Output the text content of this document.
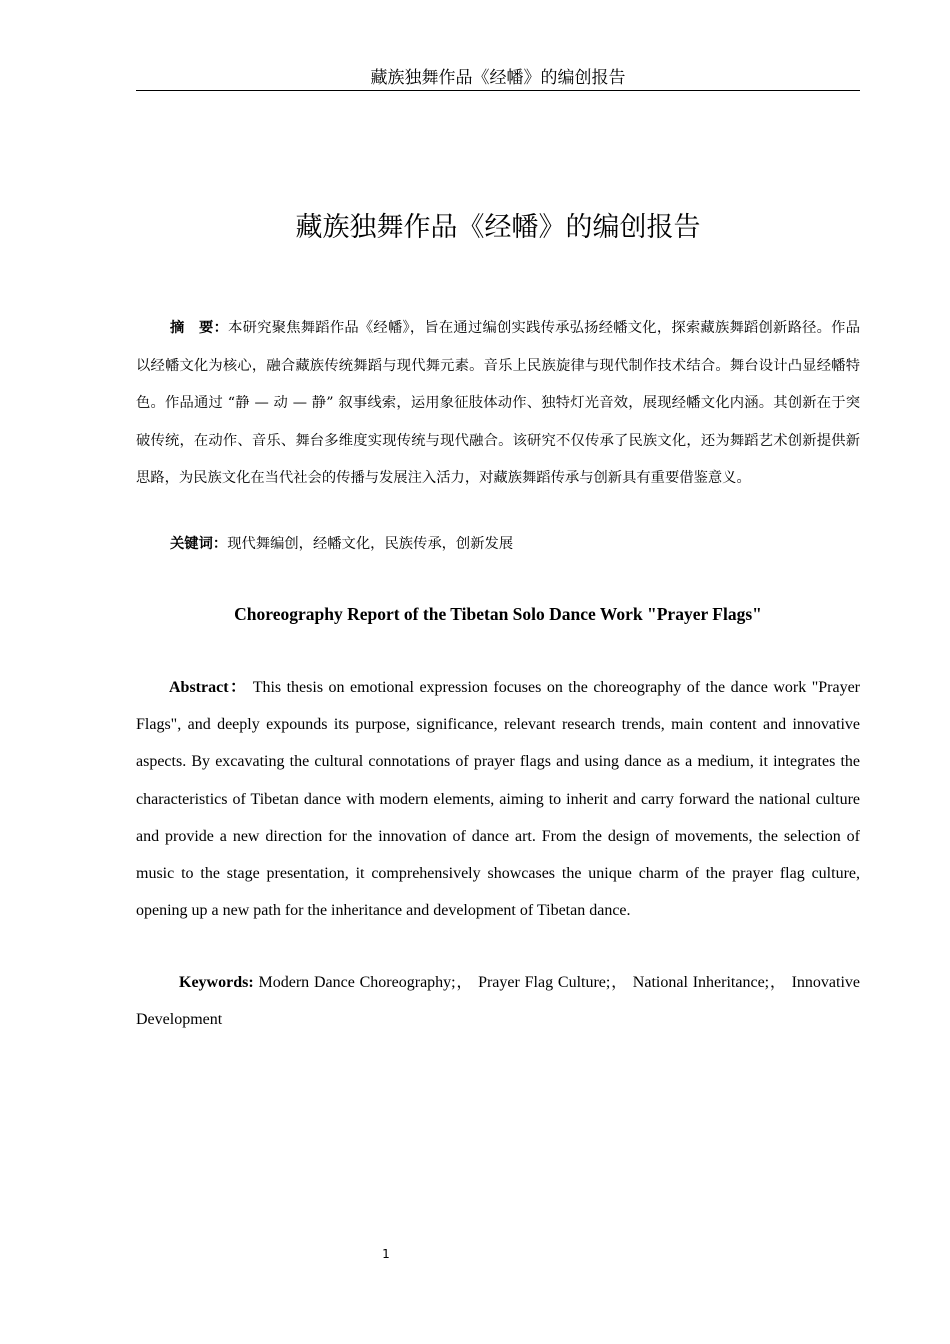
藏族独舞作品《经幡》的编创报告
藏族独舞作品《经幡》的编创报告

摘　要：本研究聚焦舞蹈作品《经幡》，旨在通过编创实践传承弘扬经幡文化，探索藏族舞蹈创新路径。作品以经幡文化为核心，融合藏族传统舞蹈与现代舞元素。音乐上民族旋律与现代制作技术结合。舞台设计凸显经幡特色。作品通过 “静 — 动 — 静” 叙事线索，运用象征肢体动作、独特灯光音效，展现经幡文化内涵。其创新在于突破传统，在动作、音乐、舞台多维度实现传统与现代融合。该研究不仅传承了民族文化，还为舞蹈艺术创新提供新思路，为民族文化在当代社会的传播与发展注入活力，对藏族舞蹈传承与创新具有重要借鉴意义。

关键词：现代舞编创，经幡文化，民族传承，创新发展
Choreography Report of the Tibetan Solo Dance Work "Prayer Flags"

Abstract： This thesis on emotional expression focuses on the choreography of the dance work "Prayer Flags", and deeply expounds its purpose, significance, relevant research trends, main content and innovative aspects. By excavating the cultural connotations of prayer flags and using dance as a medium, it integrates the characteristics of Tibetan dance with modern elements, aiming to inherit and carry forward the national culture and provide a new direction for the innovation of dance art. From the design of movements, the selection of music to the stage presentation, it comprehensively showcases the unique charm of the prayer flag culture, opening up a new path for the inheritance and development of Tibetan dance.

Keywords: Modern Dance Choreography;， Prayer Flag Culture;， National Inheritance;， Innovative Development

1
